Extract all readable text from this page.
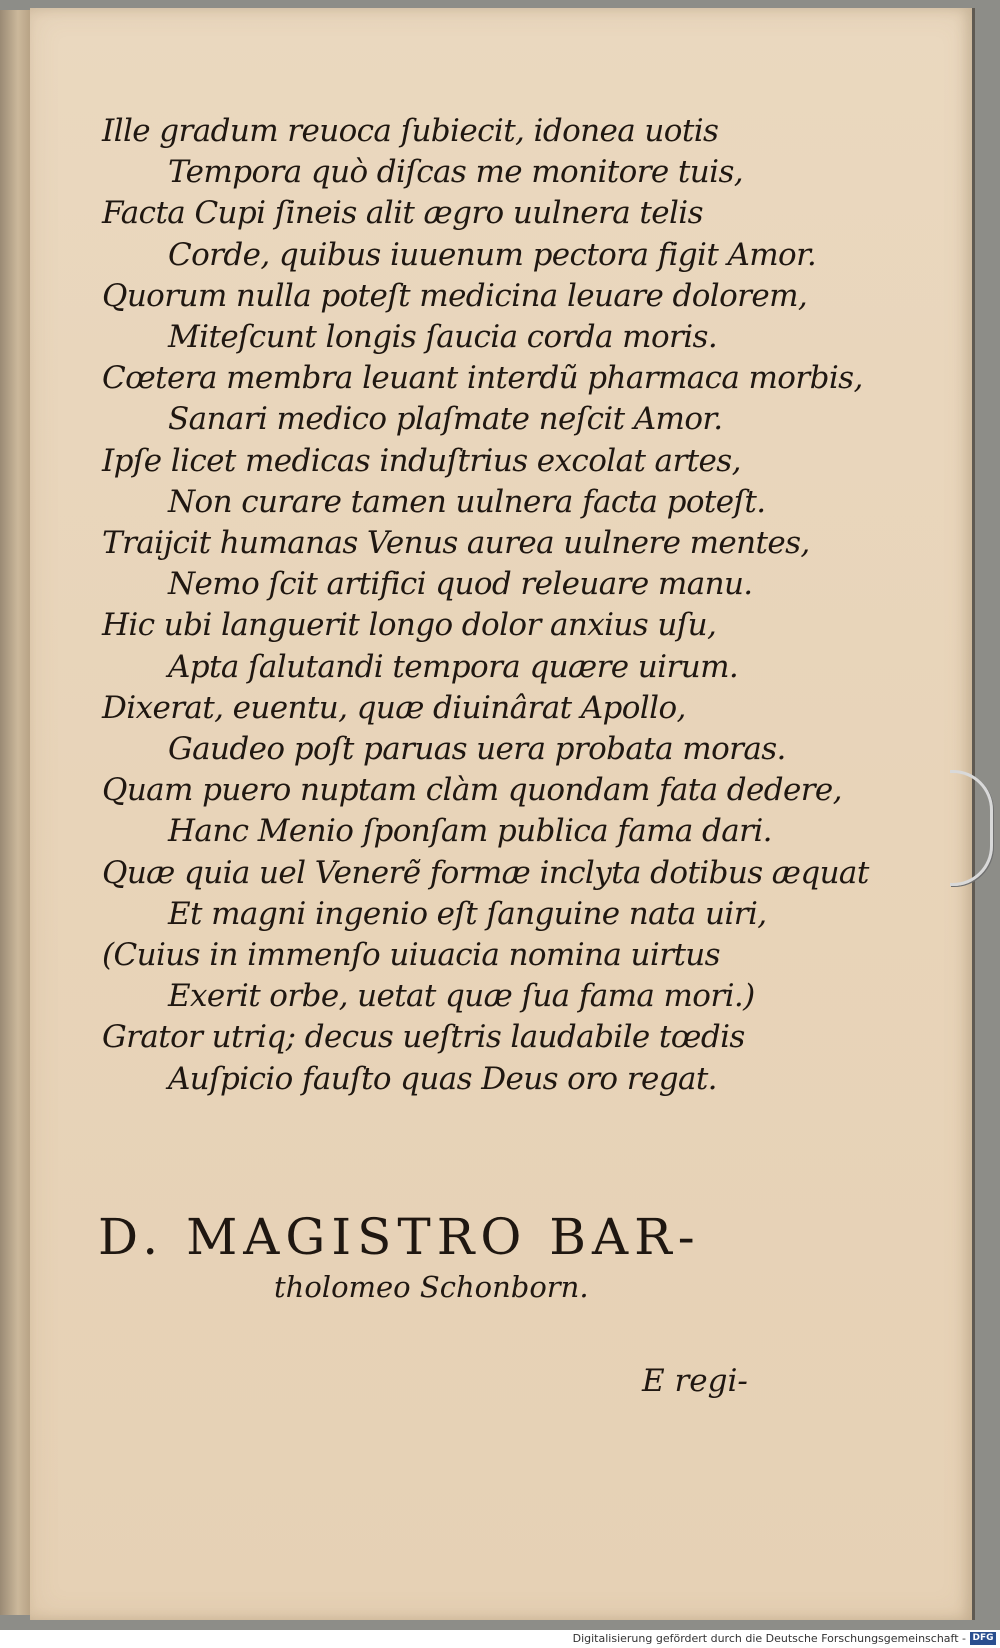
Ille gradum reuoca ſubiecit, idonea uotis
Tempora quò diſcas me monitore tuis,
Facta Cupi ſineis alit ægro uulnera telis
Corde, quibus iuuenum pectora figit Amor.
Quorum nulla poteſt medicina leuare dolorem,
Miteſcunt longis ſaucia corda moris.
Cœtera membra leuant interdũ pharmaca morbis,
Sanari medico plaſmate neſcit Amor.
Ipſe licet medicas induſtrius excolat artes,
Non curare tamen uulnera facta poteſt.
Traijcit humanas Venus aurea uulnere mentes,
Nemo ſcit artifici quod releuare manu.
Hic ubi languerit longo dolor anxius uſu,
Apta ſalutandi tempora quære uirum.
Dixerat, euentu, quæ diuinârat Apollo,
Gaudeo poſt paruas uera probata moras.
Quam puero nuptam clàm quondam fata dedere,
Hanc Menio ſponſam publica fama dari.
Quæ quia uel Venerẽ formæ inclyta dotibus æquat
Et magni ingenio eſt ſanguine nata uiri,
(Cuius in immenſo uiuacia nomina uirtus
Exerit orbe, uetat quæ ſua fama mori.)
Grator utriq; decus ueſtris laudabile tœdis
Auſpicio fauſto quas Deus oro regat.
D. MAGISTRO BAR-
tholomeo Schonborn.
E regi-
Digitalisierung gefördert durch die Deutsche Forschungsgemeinschaft - DFG
